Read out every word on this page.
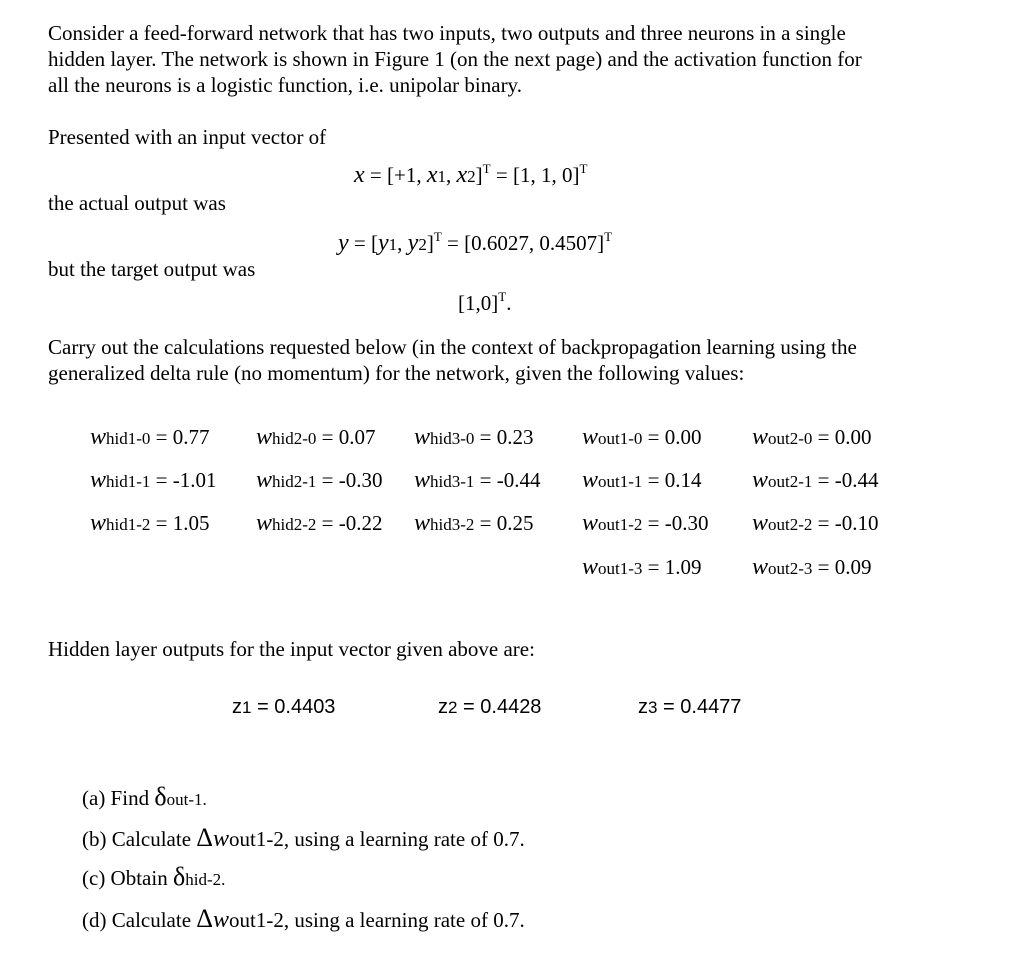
Consider a feed-forward network that has two inputs, two outputs and three neurons in a single
hidden layer. The network is shown in Figure 1 (on the next page) and the activation function for
all the neurons is a logistic function, i.e. unipolar binary.
Presented with an input vector of
x = [+1, x1, x2]$^T$ = [1, 1, 0]$^T$
the actual output was
y = [y1, y2]$^T$ = [0.6027, 0.4507]$^T$
but the target output was
$[1,0]^T$.
Carry out the calculations requested below (in the context of backpropagation learning using the
generalized delta rule (no momentum) for the network, given the following values:
whid1-0 = 0.77 whid2-0 = 0.07 whid3-0 = 0.23 wout1-0 = 0.00 wout2-0 = 0.00
whid1-1 = -1.01 whid2-1 = -0.30 whid3-1 = -0.44 wout1-1 = 0.14 wout2-1 = -0.44
whid1-2 = 1.05 whid2-2 = -0.22 whid3-2 = 0.25 wout1-2 = -0.30 wout2-2 = -0.10
wout1-3 = 1.09 wout2-3 = 0.09
Hidden layer outputs for the input vector given above are:
z1 = 0.4403	z2 = 0.4428	z3 = 0.4477
(a) Find δout-1.
(b) Calculate Δwout1-2, using a learning rate of 0.7.
(c) Obtain δhid-2.
(d) Calculate Δwout1-2, using a learning rate of 0.7.
